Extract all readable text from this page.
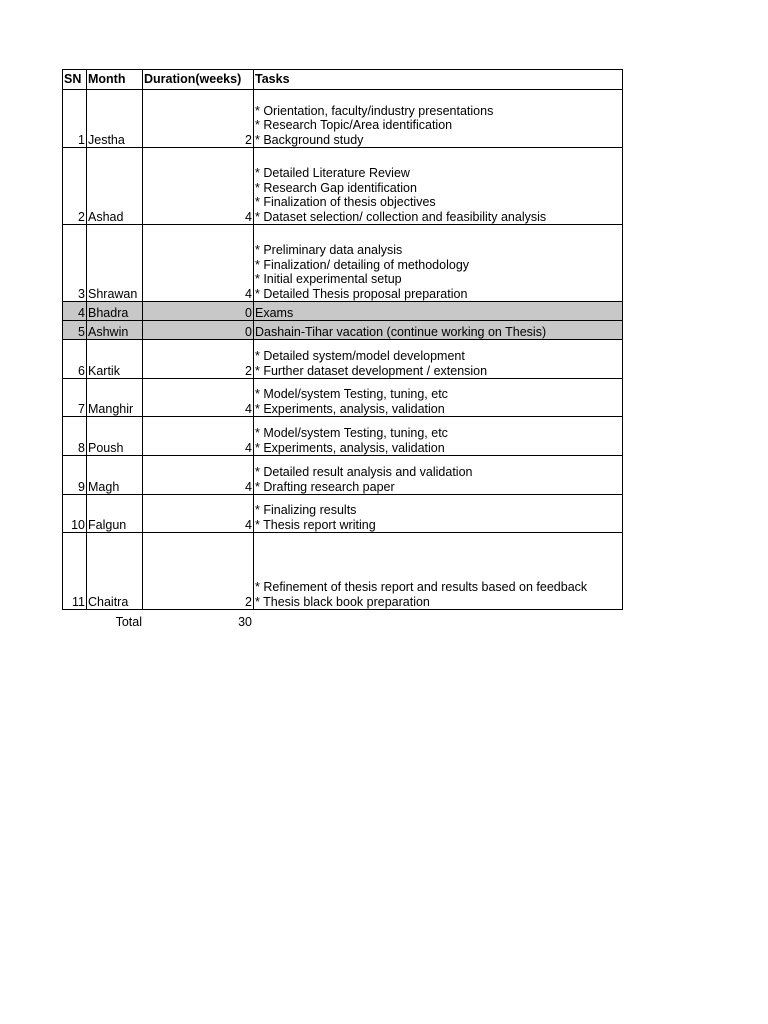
SN	Month	Duration(weeks)	Tasks
1	Jestha	2	* Orientation, faculty/industry presentations
* Research Topic/Area identification
* Background study

2	Ashad	4	* Detailed Literature Review
* Research Gap identification
* Finalization of thesis objectives
* Dataset selection/ collection and feasibility analysis

3	Shrawan	4	* Preliminary data analysis
* Finalization/ detailing of methodology
* Initial experimental setup
* Detailed Thesis proposal preparation

4	Bhadra	0	Exams

5	Ashwin	0	Dashain-Tihar vacation (continue working on Thesis)

6	Kartik	2	* Detailed system/model development
* Further dataset development / extension

7	Manghir	4	* Model/system Testing, tuning, etc
* Experiments, analysis, validation

8	Poush	4	* Model/system Testing, tuning, etc
* Experiments, analysis, validation

9	Magh	4	* Detailed result analysis and validation
* Drafting research paper

10	Falgun	4	* Finalizing results
* Thesis report writing

11	Chaitra	2	* Refinement of thesis report and results based on feedback
* Thesis black book preparation
Total	30
